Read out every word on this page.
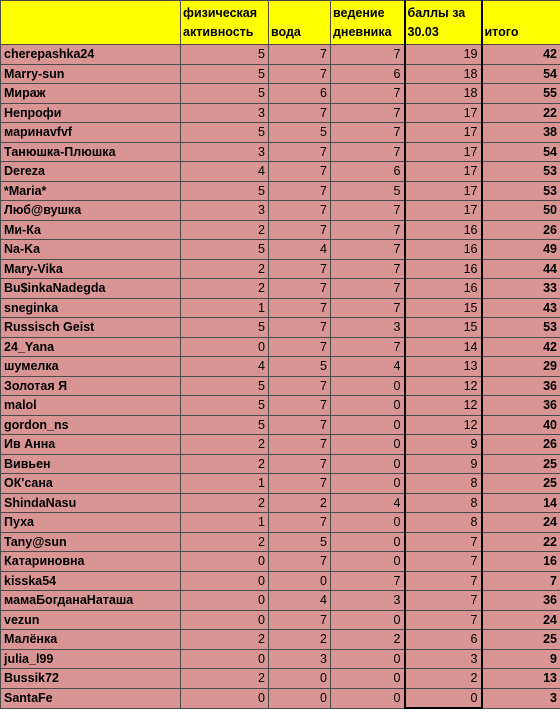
	физическая активность	вода	ведение дневника	баллы за 30.03	итого
cherepashka24	5	7	7	19	42
Marry-sun	5	7	6	18	54
Мираж	5	6	7	18	55
Непрофи	3	7	7	17	22
маринаvfvf	5	5	7	17	38
Танюшка-Плюшка	3	7	7	17	54
Dereza	4	7	6	17	53
*Maria*	5	7	5	17	53
Люб@вушка	3	7	7	17	50
Ми-Ка	2	7	7	16	26
Na-Ka	5	4	7	16	49
Mary-Vika	2	7	7	16	44
Bu$inkaNadegda	2	7	7	16	33
sneginka	1	7	7	15	43
Russisch Geist	5	7	3	15	53
24_Yana	0	7	7	14	42
шумелка	4	5	4	13	29
Золотая Я	5	7	0	12	36
malol	5	7	0	12	36
gordon_ns	5	7	0	12	40
Ив Анна	2	7	0	9	26
Вивьен	2	7	0	9	25
ОК'сана	1	7	0	8	25
ShindaNasu	2	2	4	8	14
Пуха	1	7	0	8	24
Tany@sun	2	5	0	7	22
Катариновна	0	7	0	7	16
kisska54	0	0	7	7	7
мамаБогданаНаташа	0	4	3	7	36
vezun	0	7	0	7	24
Малёнка	2	2	2	6	25
julia_l99	0	3	0	3	9
Bussik72	2	0	0	2	13
SantaFe	0	0	0	0	3
